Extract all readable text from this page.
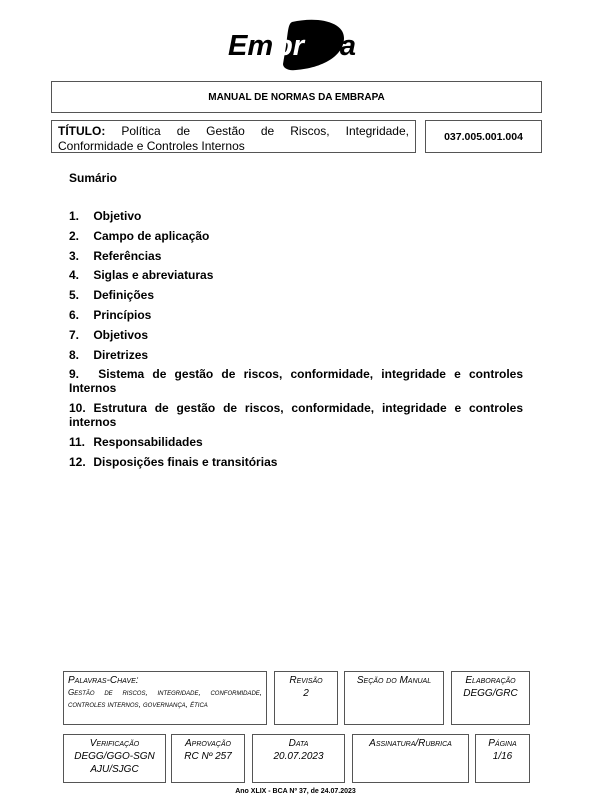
Em br apa
MANUAL DE NORMAS DA EMBRAPA
TÍTULO: Política de Gestão de Riscos, Integridade, Conformidade e Controles Internos
037.005.001.004
Sumário
1. Objetivo
2. Campo de aplicação
3. Referências
4. Siglas e abreviaturas
5. Definições
6. Princípios
7. Objetivos
8. Diretrizes
9. Sistema de gestão de riscos, conformidade, integridade e controles Internos
10. Estrutura de gestão de riscos, conformidade, integridade e controles internos
11. Responsabilidades
12. Disposições finais e transitórias
Palavras-Chave:
Gestão de riscos, integridade, conformidade, controles internos, governança, ética
Revisão
2
Seção do Manual	Elaboração
DEGG/GRC
Verificação
DEGG/GGO-SGN
AJU/SJGC
Aprovação
RC Nº 257
Data
20.07.2023
Assinatura/Rubrica	Página
1/16
Ano XLIX - BCA Nº 37, de 24.07.2023
